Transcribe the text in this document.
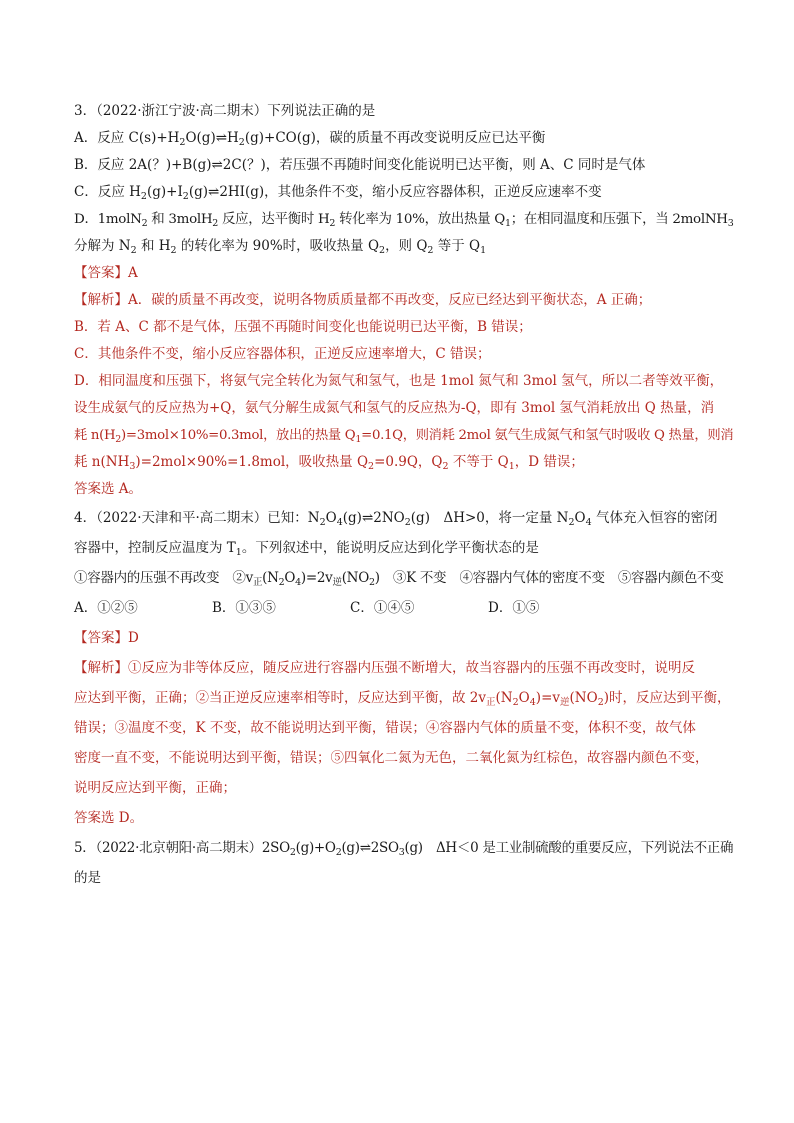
3．（2022·浙江宁波·高二期末）下列说法正确的是
A．反应 $C(s)+H_2O(g)\rightleftharpoons H_2(g)+CO(g)$，碳的质量不再改变说明反应已达平衡
B．反应 2A(？)+B(g)⇌2C(？)，若压强不再随时间变化能说明已达平衡，则 A、C 同时是气体
C．反应 $H_2(g)+I_2(g)\rightleftharpoons 2HI(g)$，其他条件不变，缩小反应容器体积，正逆反应速率不变
D．1molN$_2$ 和 3molH$_2$ 反应，达平衡时 $H_2$ 转化率为 10%，放出热量 $Q_1$；在相同温度和压强下，当 2molNH$_3$
分解为 $N_2$ 和 $H_2$ 的转化率为 90%时，吸收热量 $Q_2$，则 $Q_2$ 等于 $Q_1$
【答案】A
【解析】A．碳的质量不再改变，说明各物质质量都不再改变，反应已经达到平衡状态，A 正确；
B．若 A、C 都不是气体，压强不再随时间变化也能说明已达平衡，B 错误；
C．其他条件不变，缩小反应容器体积，正逆反应速率增大，C 错误；
D．相同温度和压强下，将氨气完全转化为氮气和氢气，也是 1mol 氮气和 3mol 氢气，所以二者等效平衡，
设生成氨气的反应热为+Q，氨气分解生成氮气和氢气的反应热为-Q，即有 3mol 氢气消耗放出 Q 热量，消
耗 $n(H_2)=3mol\times 10\%=0.3mol$，放出的热量 $Q_1=0.1Q$，则消耗 2mol 氨气生成氮气和氢气时吸收 Q 热量，则消
耗 $n(NH_3)=2mol\times 90\%=1.8mol$，吸收热量 $Q_2=0.9Q$，$Q_2$ 不等于 $Q_1$，D 错误；
答案选 A。
4．（2022·天津和平·高二期末）已知：$N_2O_4(g)\rightleftharpoons 2NO_2(g)$　ΔH>0，将一定量 $N_2O_4$ 气体充入恒容的密闭
容器中，控制反应温度为 $T_1$。下列叙述中，能说明反应达到化学平衡状态的是
①容器内的压强不再改变　$②v_正(N_2O_4)=2v_逆(NO_2)$　③K 不变　④容器内气体的密度不变　⑤容器内颜色不变
A．①②⑤	B．①③⑤	C．①④⑤	D．①⑤
【答案】D
【解析】①反应为非等体反应，随反应进行容器内压强不断增大，故当容器内的压强不再改变时，说明反
应达到平衡，正确；②当正逆反应速率相等时，反应达到平衡，故 $2v_正(N_2O_4)=v_逆(NO_2)$时，反应达到平衡，
错误；③温度不变，K 不变，故不能说明达到平衡，错误；④容器内气体的质量不变，体积不变，故气体
密度一直不变，不能说明达到平衡，错误；⑤四氧化二氮为无色，二氧化氮为红棕色，故容器内颜色不变，
说明反应达到平衡，正确；
答案选 D。
5．（2022·北京朝阳·高二期末）$2SO_2(g)+O_2(g)\rightleftharpoons 2SO_3(g)$　ΔH＜0 是工业制硫酸的重要反应，下列说法不正确
的是
